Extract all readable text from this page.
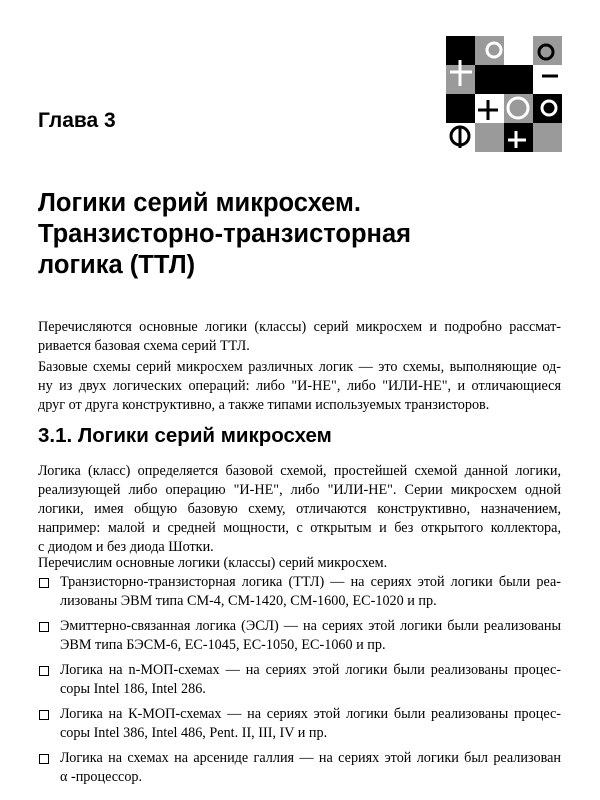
Глава 3
Логики серий микросхем.
Транзисторно-транзисторная
логика (ТТЛ)
Перечисляются основные логики (классы) серий микросхем и подробно рассмат-
ривается базовая схема серий ТТЛ.
Базовые схемы серий микросхем различных логик — это схемы, выполняющие од-
ну из двух логических операций: либо "И-НЕ", либо "ИЛИ-НЕ", и отличающиеся
друг от друга конструктивно, а также типами используемых транзисторов.
3.1. Логики серий микросхем
Логика (класс) определяется базовой схемой, простейшей схемой данной логики,
реализующей либо операцию "И-НЕ", либо "ИЛИ-НЕ". Серии микросхем одной
логики, имея общую базовую схему, отличаются конструктивно, назначением,
например: малой и средней мощности, с открытым и без открытого коллектора,
с диодом и без диода Шотки.
Перечислим основные логики (классы) серий микросхем.
Транзисторно-транзисторная логика (ТТЛ) — на сериях этой логики были реа-
лизованы ЭВМ типа СМ-4, СМ-1420, СМ-1600, ЕС-1020 и пр.
Эмиттерно-связанная логика (ЭСЛ) — на сериях этой логики были реализованы
ЭВМ типа БЭСМ-6, ЕС-1045, ЕС-1050, ЕС-1060 и пр.
Логика на n-МОП-схемах — на сериях этой логики были реализованы процес-
соры Intel 186, Intel 286.
Логика на К-МОП-схемах — на сериях этой логики были реализованы процес-
соры Intel 386, Intel 486, Pent. II, III, IV и пр.
Логика на схемах на арсениде галлия — на сериях этой логики был реализован
α -процессор.
